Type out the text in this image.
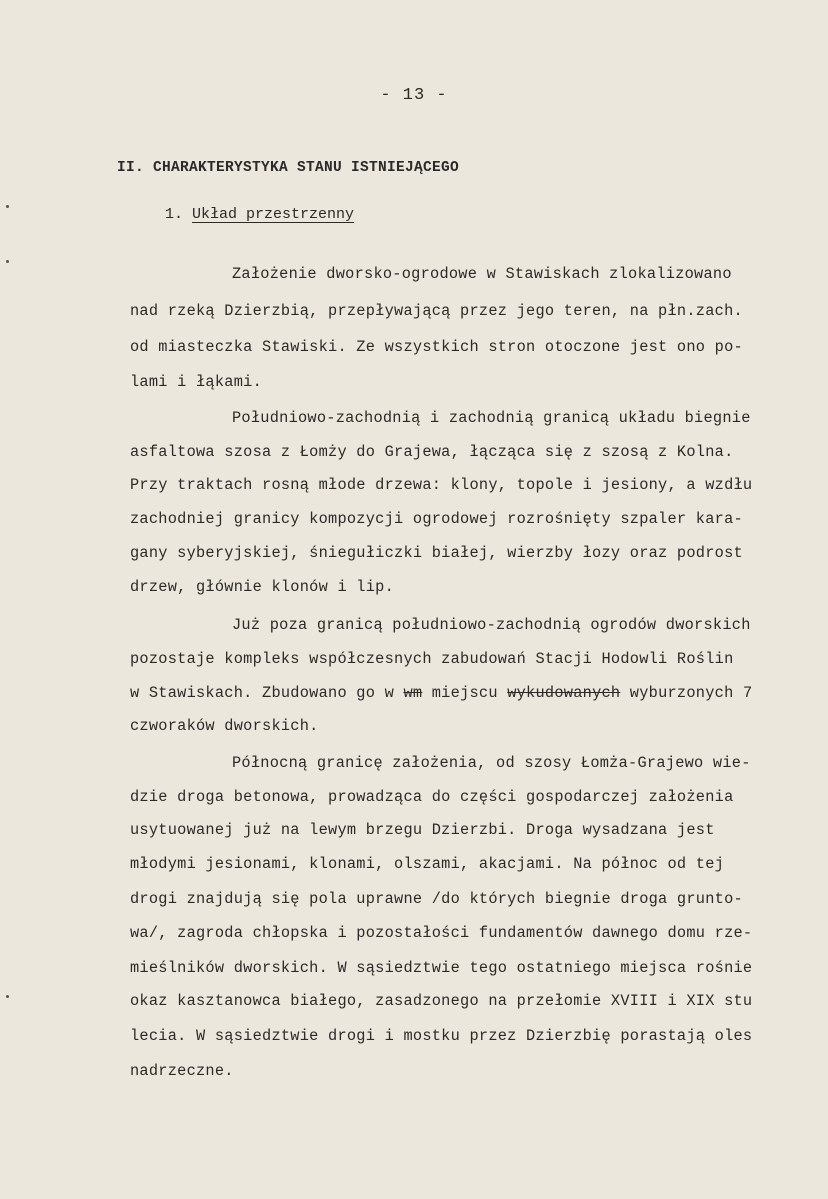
- 13 -
II. CHARAKTERYSTYKA STANU ISTNIEJĄCEGO
1. Układ przestrzenny
Założenie dworsko-ogrodowe w Stawiskach zlokalizowano
nad rzeką Dzierzbią, przepływającą przez jego teren, na płn.zach.
od miasteczka Stawiski. Ze wszystkich stron otoczone jest ono po-
lami i łąkami.
Południowo-zachodnią i zachodnią granicą układu biegnie
asfaltowa szosa z Łomży do Grajewa, łącząca się z szosą z Kolna.
Przy traktach rosną młode drzewa: klony, topole i jesiony, a wzdłu
zachodniej granicy kompozycji ogrodowej rozrośnięty szpaler kara-
gany syberyjskiej, śniegułiczki białej, wierzby łozy oraz podrost
drzew, głównie klonów i lip.
Już poza granicą południowo-zachodnią ogrodów dworskich
pozostaje kompleks współczesnych zabudowań Stacji Hodowli Roślin
w Stawiskach. Zbudowano go w wm miejscu wykudowanych wyburzonych 7
czworaków dworskich.
Północną granicę założenia, od szosy Łomża-Grajewo wie-
dzie droga betonowa, prowadząca do części gospodarczej założenia
usytuowanej już na lewym brzegu Dzierzbi. Droga wysadzana jest
młodymi jesionami, klonami, olszami, akacjami. Na północ od tej
drogi znajdują się pola uprawne /do których biegnie droga grunto-
wa/, zagroda chłopska i pozostałości fundamentów dawnego domu rze-
mieślników dworskich. W sąsiedztwie tego ostatniego miejsca rośnie
okaz kasztanowca białego, zasadzonego na przełomie XVIII i XIX stu
lecia. W sąsiedztwie drogi i mostku przez Dzierzbię porastają oles
nadrzeczne.
